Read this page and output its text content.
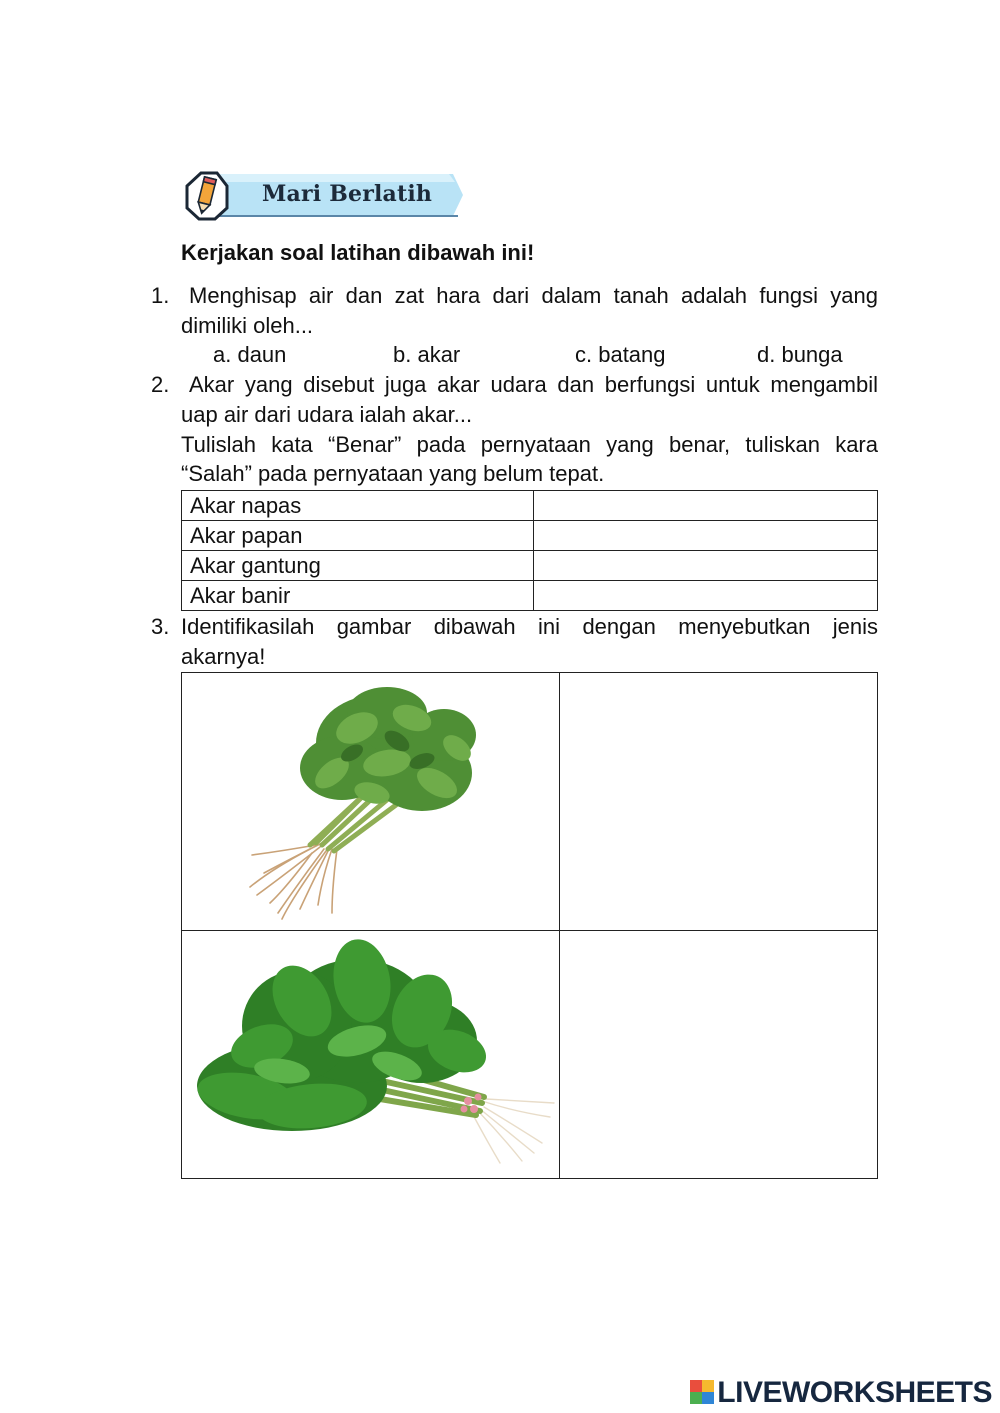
Mari Berlatih
Kerjakan soal latihan dibawah ini!
1. Menghisap air dan zat hara dari dalam tanah adalah fungsi yang
dimiliki oleh...
a. daun	b. akar	c. batang	d. bunga
2. Akar yang disebut juga akar udara dan berfungsi untuk mengambil
uap air dari udara ialah akar...
Tulislah kata “Benar” pada pernyataan yang benar, tuliskan kara
“Salah” pada pernyataan yang belum tepat.
Akar napas	
Akar papan	
Akar gantung	
Akar banir	
3. Identifikasilah gambar dibawah ini dengan menyebutkan jenis
akarnya!

LIVEWORKSHEETS
